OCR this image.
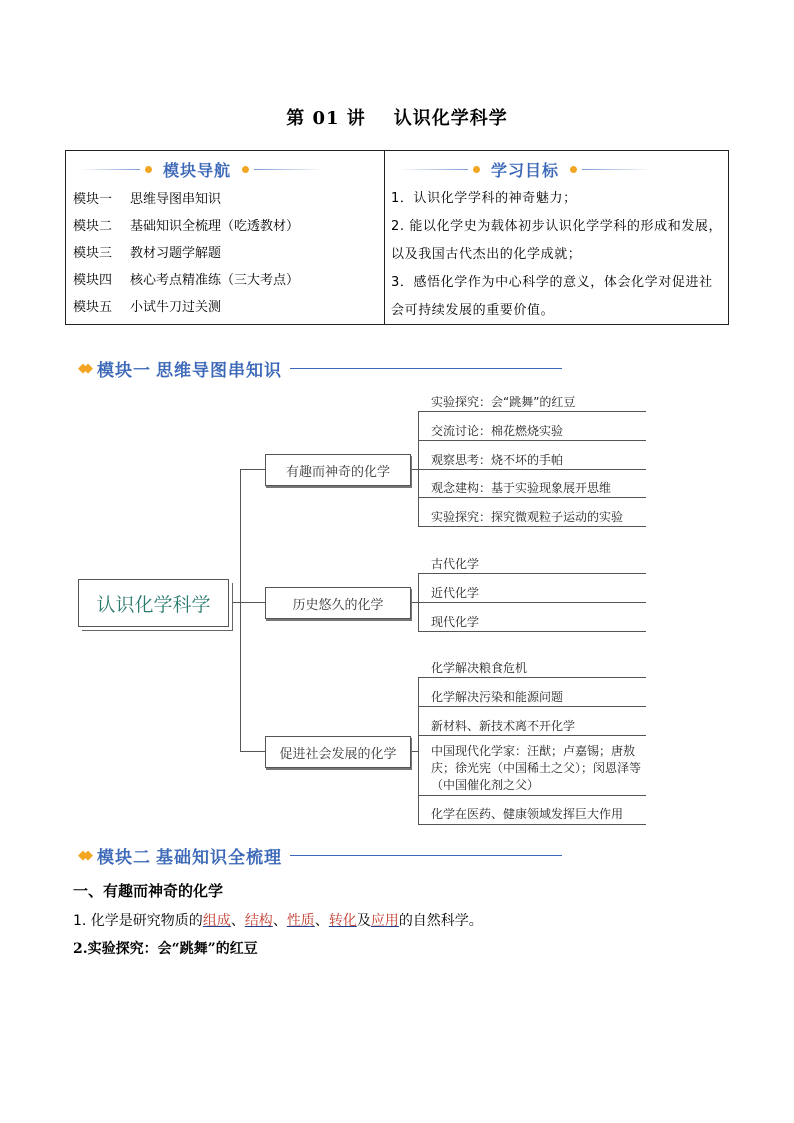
第 01 讲 认识化学科学
模块导航
模块一 思维导图串知识
模块二 基础知识全梳理（吃透教材）
模块三 教材习题学解题
模块四 核心考点精准练（三大考点）
模块五 小试牛刀过关测
学习目标
1．认识化学学科的神奇魅力；
2. 能以化学史为载体初步认识化学学科的形成和发展，以及我国古代杰出的化学成就；
3．感悟化学作为中心科学的意义，体会化学对促进社会可持续发展的重要价值。
◆◆ 模块一 思维导图串知识
认识化学科学
有趣而神奇的化学
历史悠久的化学
促进社会发展的化学
实验探究：会“跳舞”的红豆
交流讨论：棉花燃烧实验
观察思考：烧不坏的手帕
观念建构：基于实验现象展开思维
实验探究：探究微观粒子运动的实验
古代化学
近代化学
现代化学
化学解决粮食危机
化学解决污染和能源问题
新材料、新技术离不开化学
中国现代化学家：汪猷；卢嘉锡；唐敖庆；徐光宪（中国稀土之父）；闵恩泽等（中国催化剂之父）
化学在医药、健康领域发挥巨大作用
◆◆ 模块二 基础知识全梳理
一、有趣而神奇的化学
1. 化学是研究物质的组成、结构、性质、转化及应用的自然科学。
2.实验探究：会“跳舞”的红豆
